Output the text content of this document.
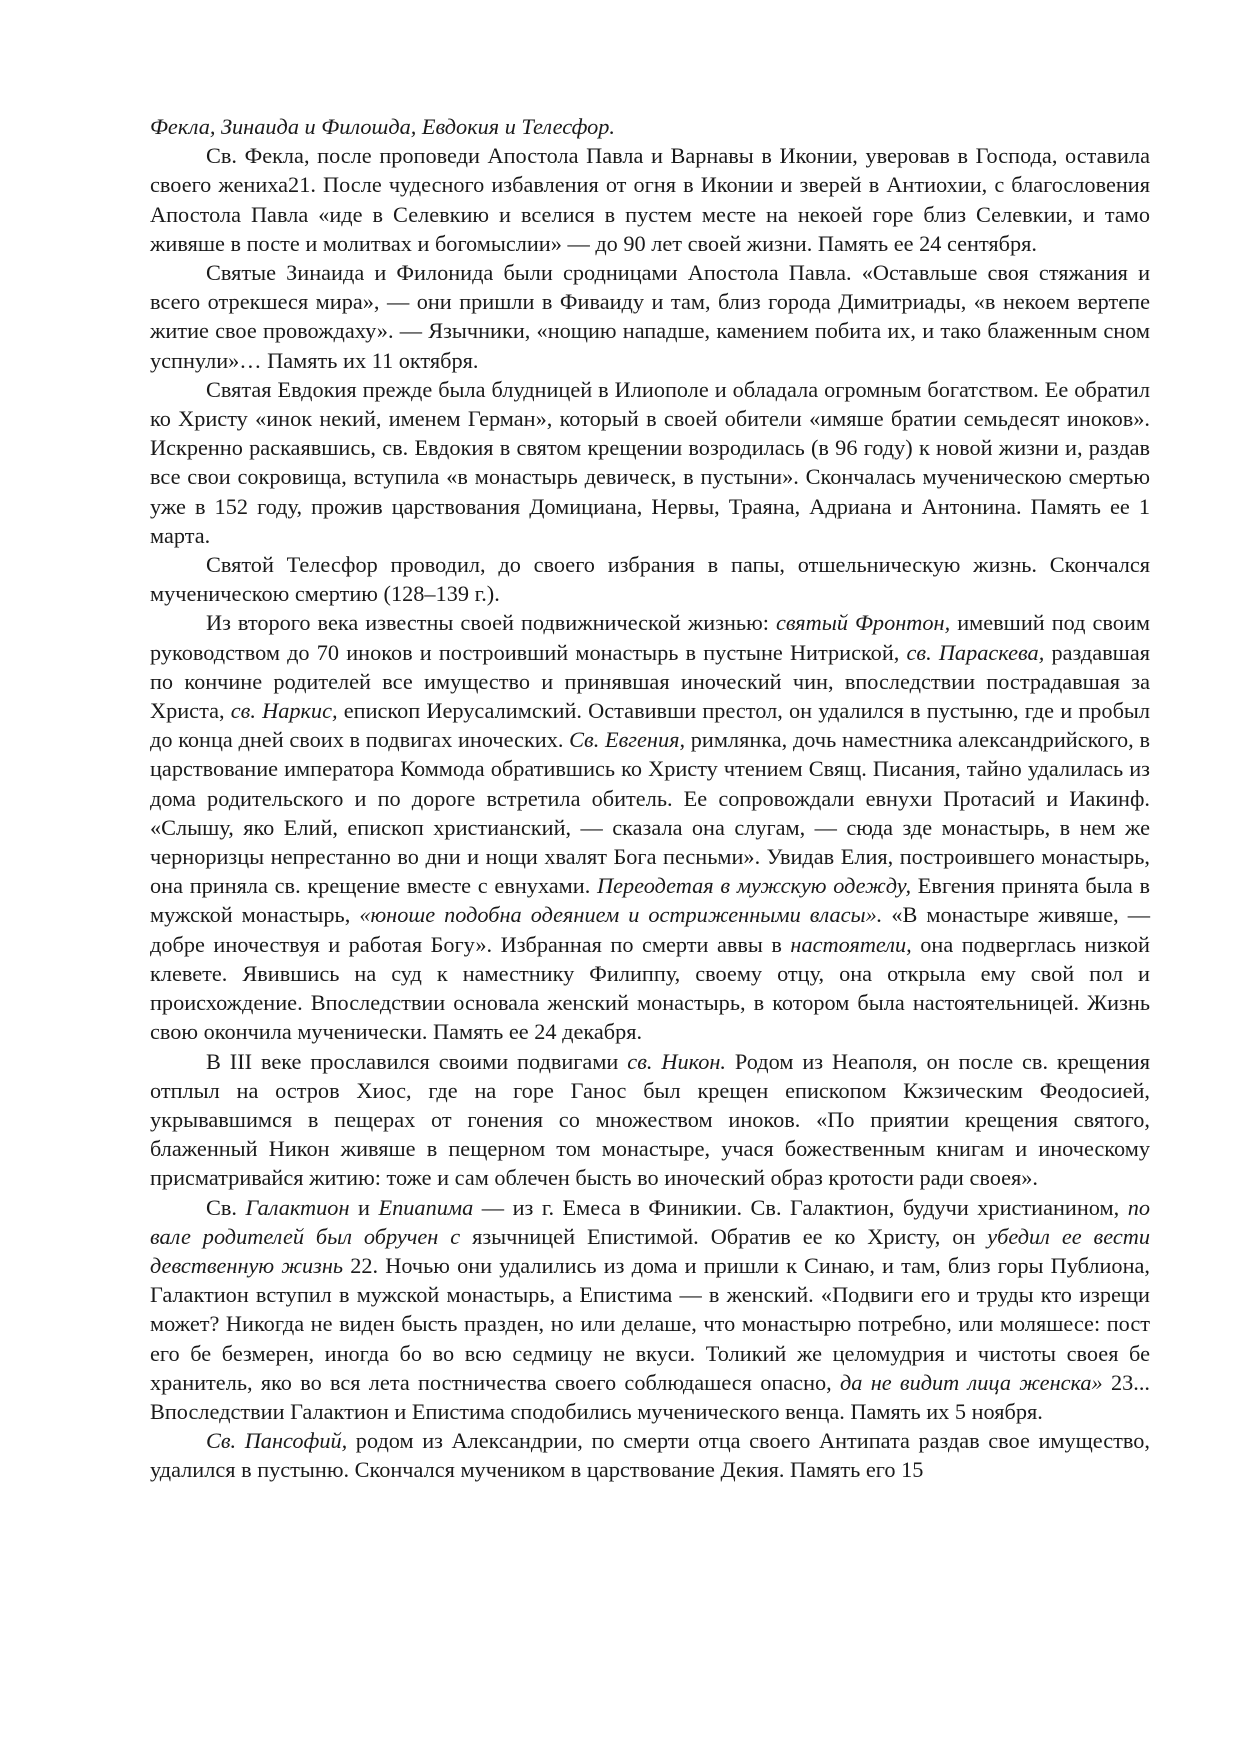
Фекла, Зинаида и Филошда, Евдокия и Телесфор.

Св. Фекла, после проповеди Апостола Павла и Варнавы в Иконии, уверовав в Господа, оставила своего жениха21. После чудесного избавления от огня в Иконии и зверей в Антиохии, с благословения Апостола Павла «иде в Селевкию и вселися в пустем месте на некоей горе близ Селевкии, и тамо живяше в посте и молитвах и богомыслии» — до 90 лет своей жизни. Память ее 24 сентября.

Святые Зинаида и Филонида были сродницами Апостола Павла. «Оставльше своя стяжания и всего отрекшеся мира», — они пришли в Фиваиду и там, близ города Димитриады, «в некоем вертепе житие свое провождаху». — Язычники, «нощию нападше, камением побита их, и тако блаженным сном успнули»… Память их 11 октября.

Святая Евдокия прежде была блудницей в Илиополе и обладала огромным богатством. Ее обратил ко Христу «инок некий, именем Герман», который в своей обители «имяше братии семьдесят иноков». Искренно раскаявшись, св. Евдокия в святом крещении возродилась (в 96 году) к новой жизни и, раздав все свои сокровища, вступила «в монастырь девическ, в пустыни». Скончалась мученическою смертью уже в 152 году, прожив царствования Домициана, Нервы, Траяна, Адриана и Антонина. Память ее 1 марта.

Святой Телесфор проводил, до своего избрания в папы, отшельническую жизнь. Скончался мученическою смертию (128–139 г.).

Из второго века известны своей подвижнической жизнью: святый Фронтон, имевший под своим руководством до 70 иноков и построивший монастырь в пустыне Нитриской, св. Параскева, раздавшая по кончине родителей все имущество и принявшая иноческий чин, впоследствии пострадавшая за Христа, св. Наркис, епископ Иерусалимский. Оставивши престол, он удалился в пустыню, где и пробыл до конца дней своих в подвигах иноческих. Св. Евгения, римлянка, дочь наместника александрийского, в царствование императора Коммода обратившись ко Христу чтением Свящ. Писания, тайно удалилась из дома родительского и по дороге встретила обитель. Ее сопровождали евнухи Протасий и Иакинф. «Слышу, яко Елий, епископ христианский, — сказала она слугам, — сюда зде монастырь, в нем же черноризцы непрестанно во дни и нощи хвалят Бога песньми». Увидав Елия, построившего монастырь, она приняла св. крещение вместе с евнухами. Переодетая в мужскую одежду, Евгения принята была в мужской монастырь, «юноше подобна одеянием и остриженными власы». «В монастыре живяше, — добре иночествуя и работая Богу». Избранная по смерти аввы в настоятели, она подверглась низкой клевете. Явившись на суд к наместнику Филиппу, своему отцу, она открыла ему свой пол и происхождение. Впоследствии основала женский монастырь, в котором была настоятельницей. Жизнь свою окончила мученически. Память ее 24 декабря.

В III веке прославился своими подвигами св. Никон. Родом из Неаполя, он после св. крещения отплыл на остров Хиос, где на горе Ганос был крещен епископом Кжзическим Феодосией, укрывавшимся в пещерах от гонения со множеством иноков. «По приятии крещения святого, блаженный Никон живяше в пещерном том монастыре, учася божественным книгам и иноческому присматривайся житию: тоже и сам облечен бысть во иноческий образ кротости ради своея».

Св. Галактион и Епиапима — из г. Емеса в Финикии. Св. Галактион, будучи христианином, по вале родителей был обручен с язычницей Епистимой. Обратив ее ко Христу, он убедил ее вести девственную жизнь 22. Ночью они удалились из дома и пришли к Синаю, и там, близ горы Публиона, Галактион вступил в мужской монастырь, а Епистима — в женский. «Подвиги его и труды кто изрещи может? Никогда не виден бысть празден, но или делаше, что монастырю потребно, или моляшесе: пост его бе безмерен, иногда бо во всю седмицу не вкуси. Толикий же целомудрия и чистоты своея бе хранитель, яко во вся лета постничества своего соблюдашеся опасно, да не видит лица женска» 23... Впоследствии Галактион и Епистима сподобились мученического венца. Память их 5 ноября.

Св. Пансофий, родом из Александрии, по смерти отца своего Антипата раздав свое имущество, удалился в пустыню. Скончался мучеником в царствование Декия. Память его 15
